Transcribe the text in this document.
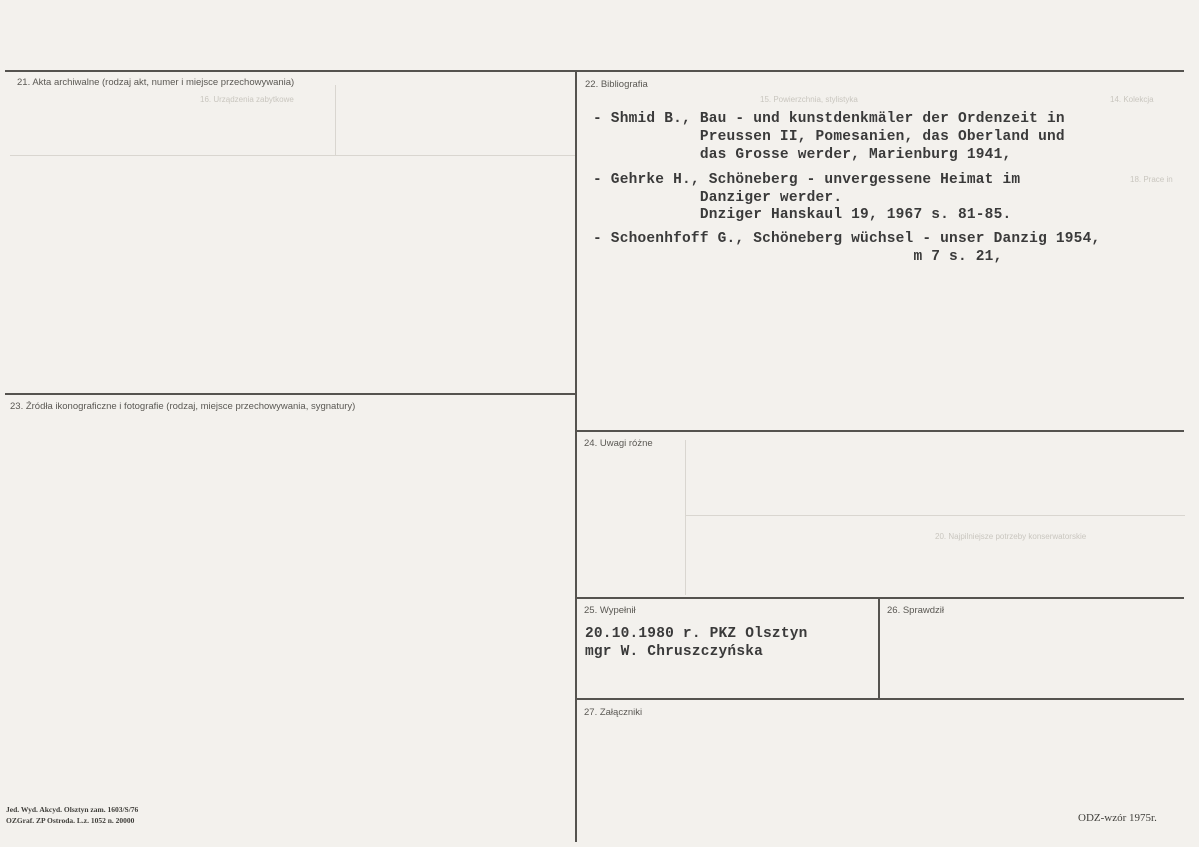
14. Kolekcja
15. Powierzchnia, stylistyka
16. Urządzenia zabytkowe
18. Prace in
20. Najpilniejsze potrzeby konserwatorskie
21. Akta archiwalne (rodzaj akt, numer i miejsce przechowywania)	22. Bibliografia
23. Źródła ikonograficzne i fotografie (rodzaj, miejsce przechowywania, sygnatury)
24. Uwagi różne
25. Wypełnił	26. Sprawdził
27. Załączniki
- Shmid B., Bau - und kunstdenkmäler der Ordenzeit in
Preussen II, Pomesanien, das Oberland und
das Grosse werder, Marienburg 1941,
- Gehrke H., Schöneberg - unvergessene Heimat im
Danziger werder.
Dnziger Hanskaul 19, 1967 s. 81-85.
- Schoenhfoff G., Schöneberg wüchsel - unser Danzig 1954,
m 7 s. 21,
20.10.1980 r. PKZ Olsztyn
mgr W. Chruszczyńska
Jed. Wyd. Akcyd. Olsztyn zam. 1603/S/76
OZGraf. ZP Ostroda. L.z. 1052 n. 20000	ODZ-wzór 1975r.
